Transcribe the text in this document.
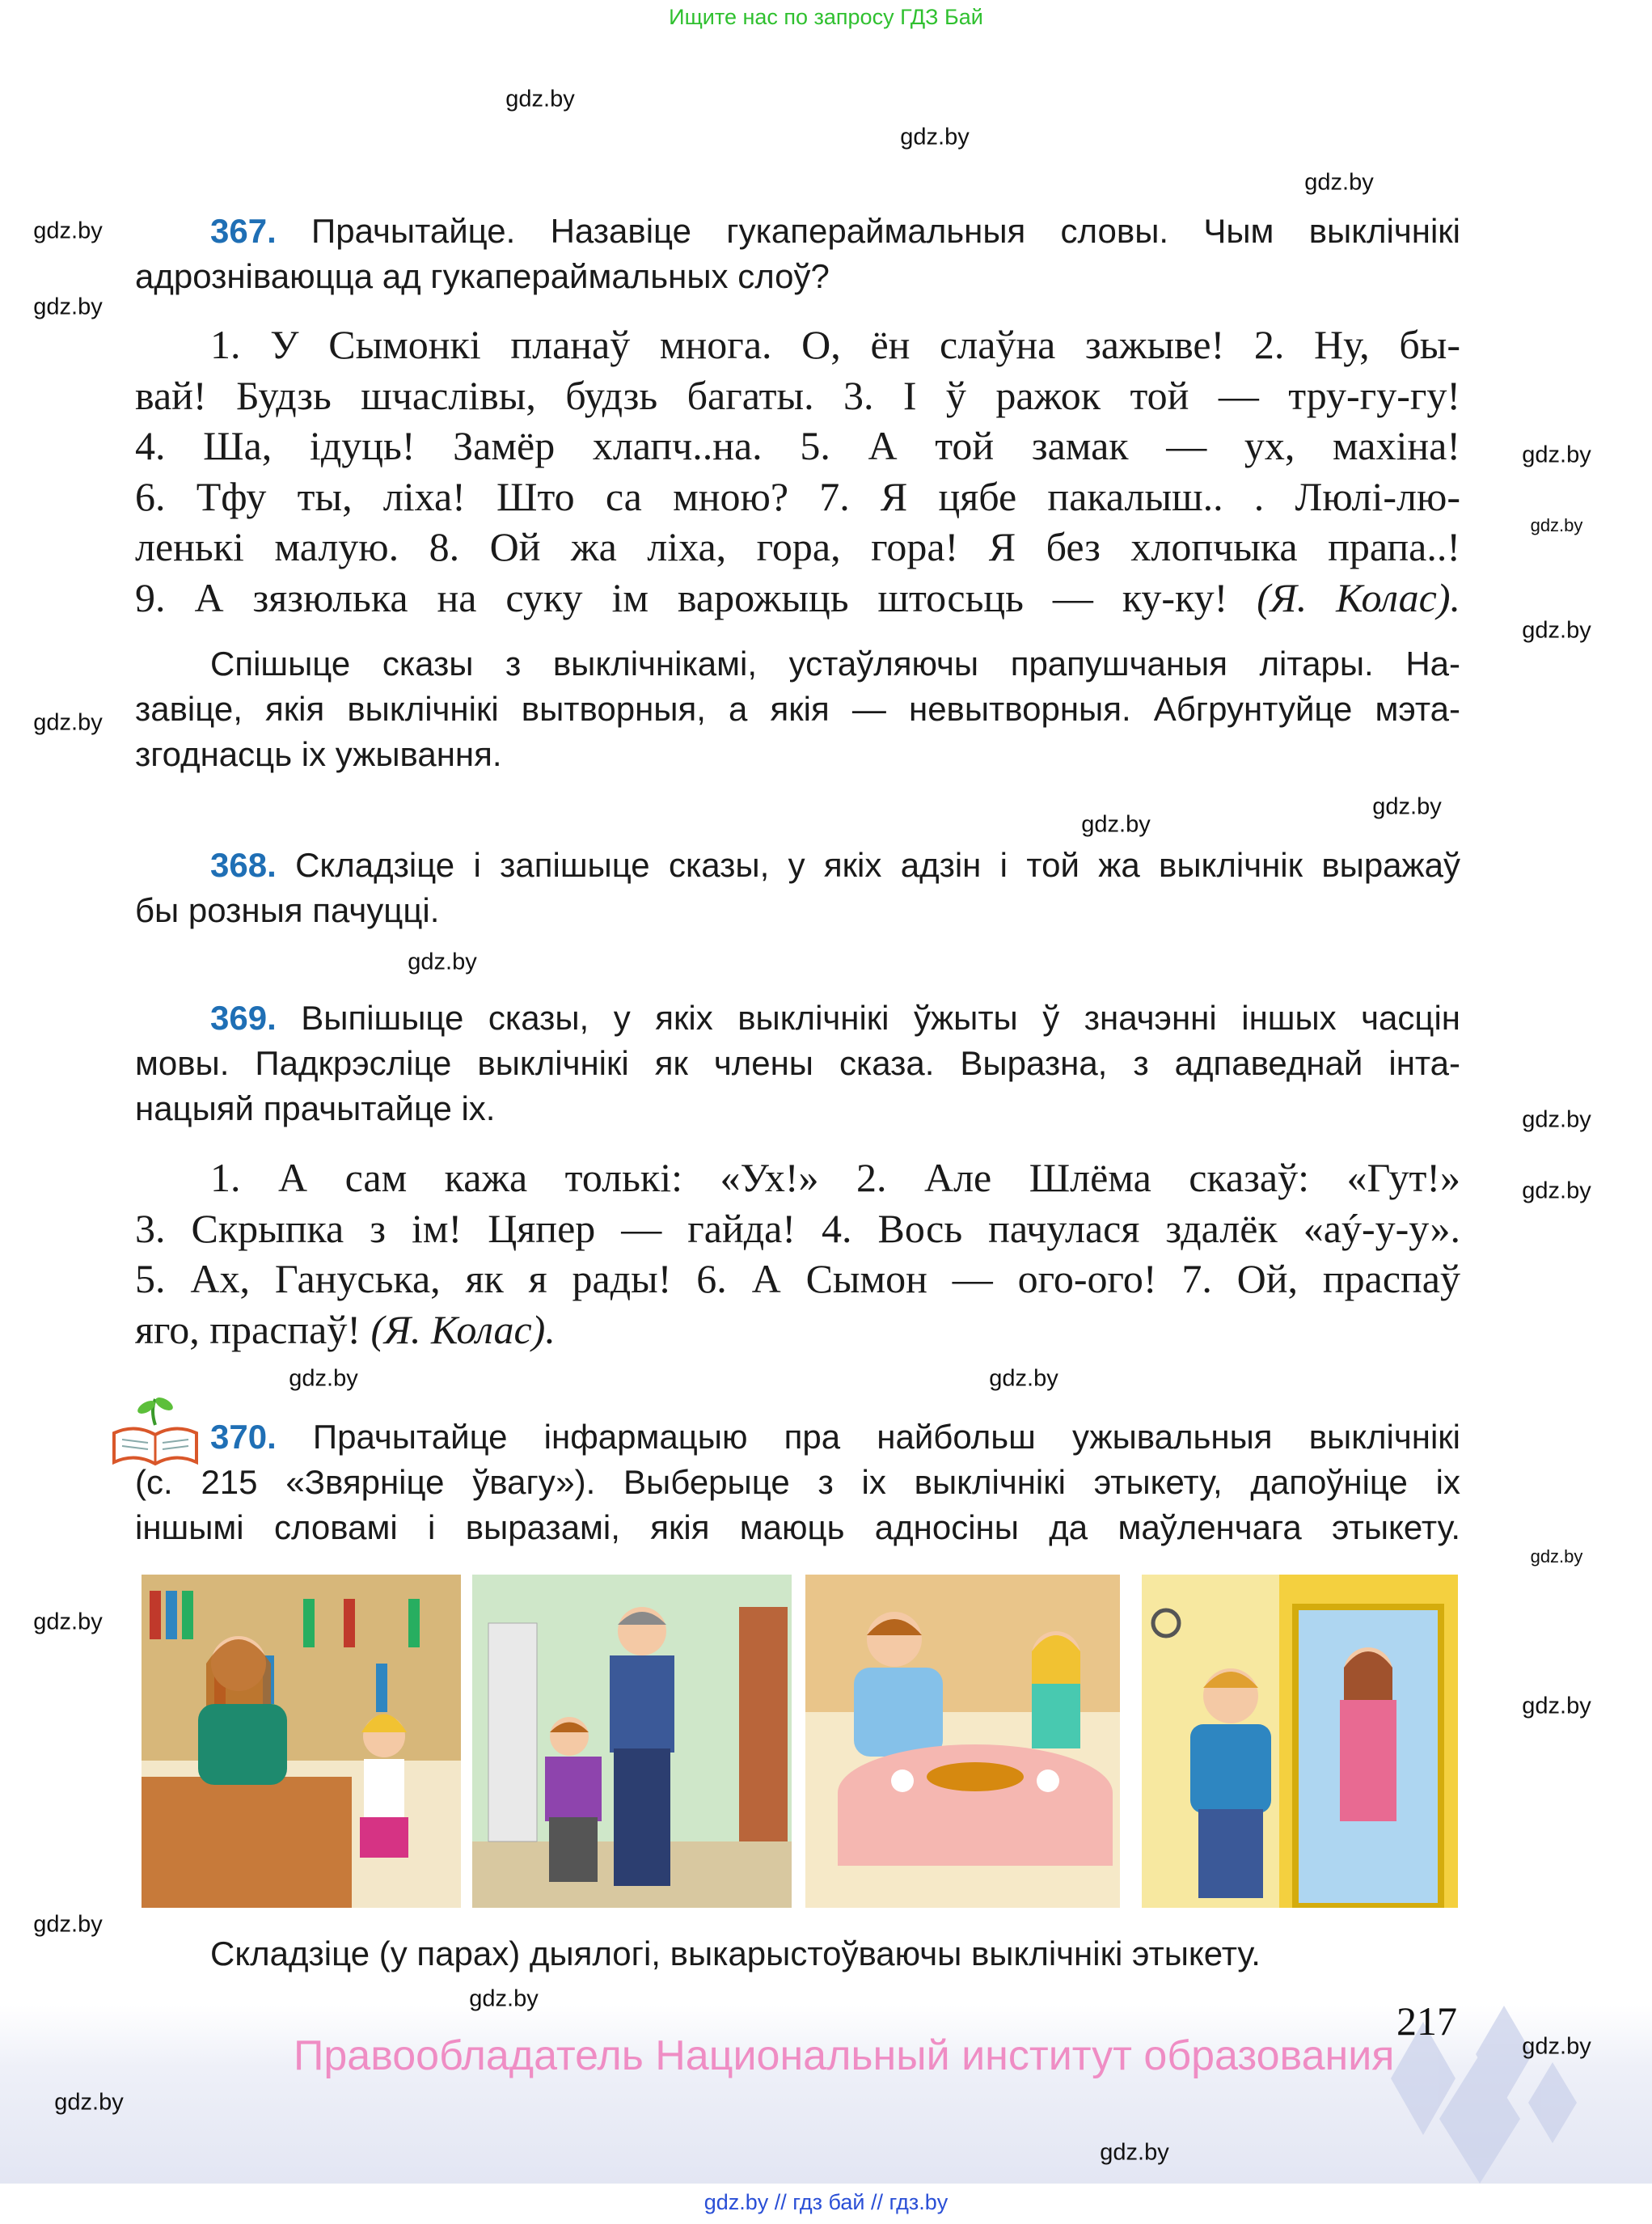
Ищите нас по запросу ГДЗ Бай
367. Прачытайце. Назавіце гукапераймальныя словы. Чым выклічнікі
адрозніваюцца ад гукапераймальных слоў?
1. У Сымонкі планаў многа. О, ён слаўна зажыве! 2. Ну, бы-
вай! Будзь шчаслівы, будзь багаты. 3. І ў ражок той — тру-гу-гу!
4. Ша, ідуць! Замёр хлапч..на. 5. А той замак — ух, махіна!
6. Тфу ты, ліха! Што са мною? 7. Я цябе пакалыш.. . Люлі-лю-
ленькі малую. 8. Ой жа ліха, гора, гора! Я без хлопчыка прапа..!
9. А зязюлька на суку ім варожыць штосьць — ку-ку! (Я. Колас).
Спішыце сказы з выклічнікамі, устаўляючы прапушчаныя літары. На-
завіце, якія выклічнікі вытворныя, а якія — невытворныя. Абгрунтуйце мэта-
згоднасць іх ужывання.
368. Складзіце і запішыце сказы, у якіх адзін і той жа выклічнік выражаў
бы розныя пачуцці.
369. Выпішыце сказы, у якіх выклічнікі ўжыты ў значэнні іншых часцін
мовы. Падкрэсліце выклічнікі як члены сказа. Выразна, з адпаведнай інта-
нацыяй прачытайце іх.
1. А сам кажа толькі: «Ух!» 2. Але Шлёма сказаў: «Гут!»
3. Скрыпка з ім! Цяпер — гайда! 4. Вось пачулася здалёк «аý-у-у».
5. Ах, Гануська, як я рады! 6. А Сымон — ого-ого! 7. Ой, праспаў
яго, праспаў! (Я. Колас).
370. Прачытайце інфармацыю пра найбольш ужывальныя выклічнікі
(с. 215 «Звярніце ўвагу»). Выберыце з іх выклічнікі этыкету, дапоўніце іх
іншымі словамі і выразамі, якія маюць адносіны да маўленчага этыкету.
Складзіце (у парах) дыялогі, выкарыстоўваючы выклічнікі этыкету.
217
Правообладатель Национальный институт образования
gdz.by // гдз бай // гдз.by
gdz.by
gdz.by
gdz.by
gdz.by
gdz.by
gdz.by
gdz.by
gdz.by
gdz.by
gdz.by
gdz.by
gdz.by
gdz.by
gdz.by
gdz.by
gdz.by
gdz.by
gdz.by
gdz.by
gdz.by
gdz.by
gdz.by
gdz.by
gdz.by
